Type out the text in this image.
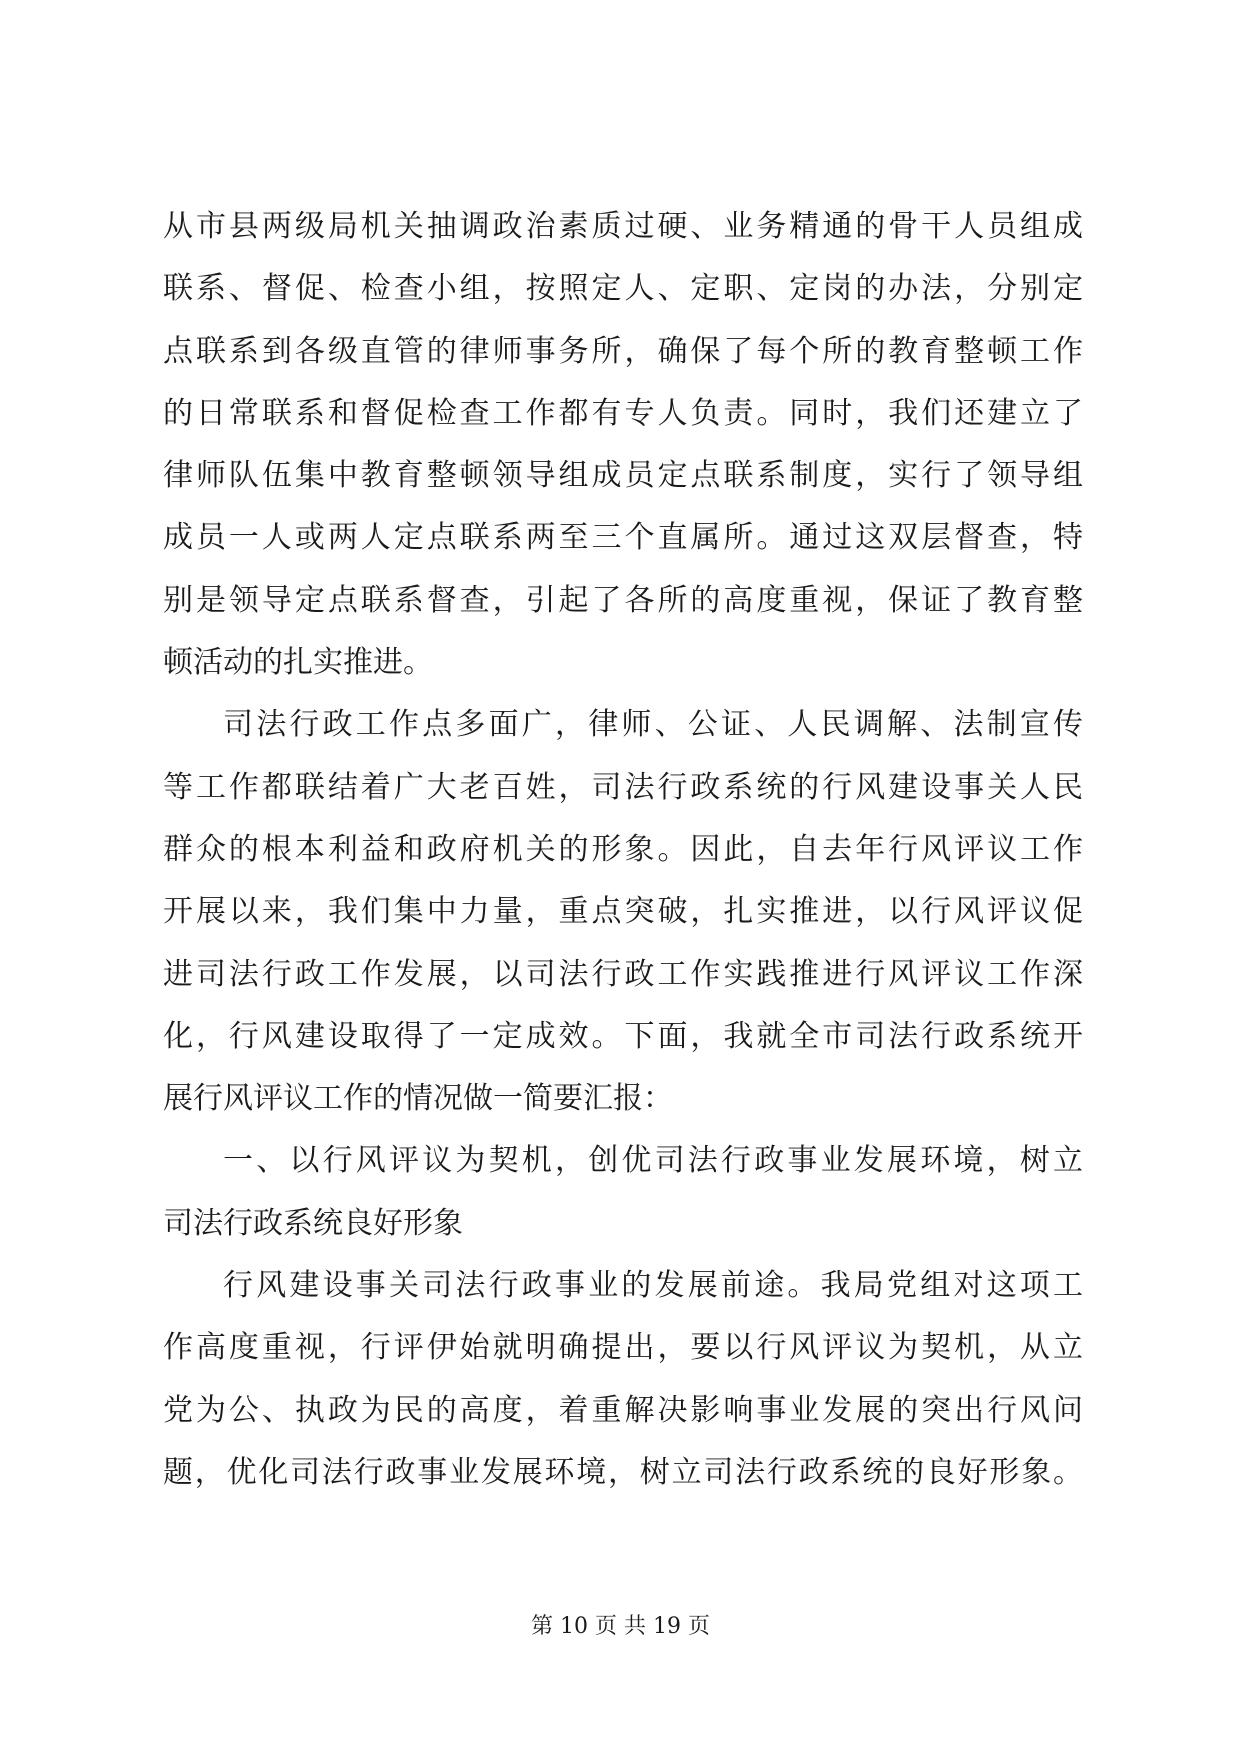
从市县两级局机关抽调政治素质过硬、业务精通的骨干人员组成
联系、督促、检查小组，按照定人、定职、定岗的办法，分别定
点联系到各级直管的律师事务所，确保了每个所的教育整顿工作
的日常联系和督促检查工作都有专人负责。同时，我们还建立了
律师队伍集中教育整顿领导组成员定点联系制度，实行了领导组
成员一人或两人定点联系两至三个直属所。通过这双层督查，特
别是领导定点联系督查，引起了各所的高度重视，保证了教育整
顿活动的扎实推进。
司法行政工作点多面广，律师、公证、人民调解、法制宣传
等工作都联结着广大老百姓，司法行政系统的行风建设事关人民
群众的根本利益和政府机关的形象。因此，自去年行风评议工作
开展以来，我们集中力量，重点突破，扎实推进，以行风评议促
进司法行政工作发展，以司法行政工作实践推进行风评议工作深
化，行风建设取得了一定成效。下面，我就全市司法行政系统开
展行风评议工作的情况做一简要汇报：
一、以行风评议为契机，创优司法行政事业发展环境，树立
司法行政系统良好形象
行风建设事关司法行政事业的发展前途。我局党组对这项工
作高度重视，行评伊始就明确提出，要以行风评议为契机，从立
党为公、执政为民的高度，着重解决影响事业发展的突出行风问
题，优化司法行政事业发展环境，树立司法行政系统的良好形象。
第 10 页 共 19 页
